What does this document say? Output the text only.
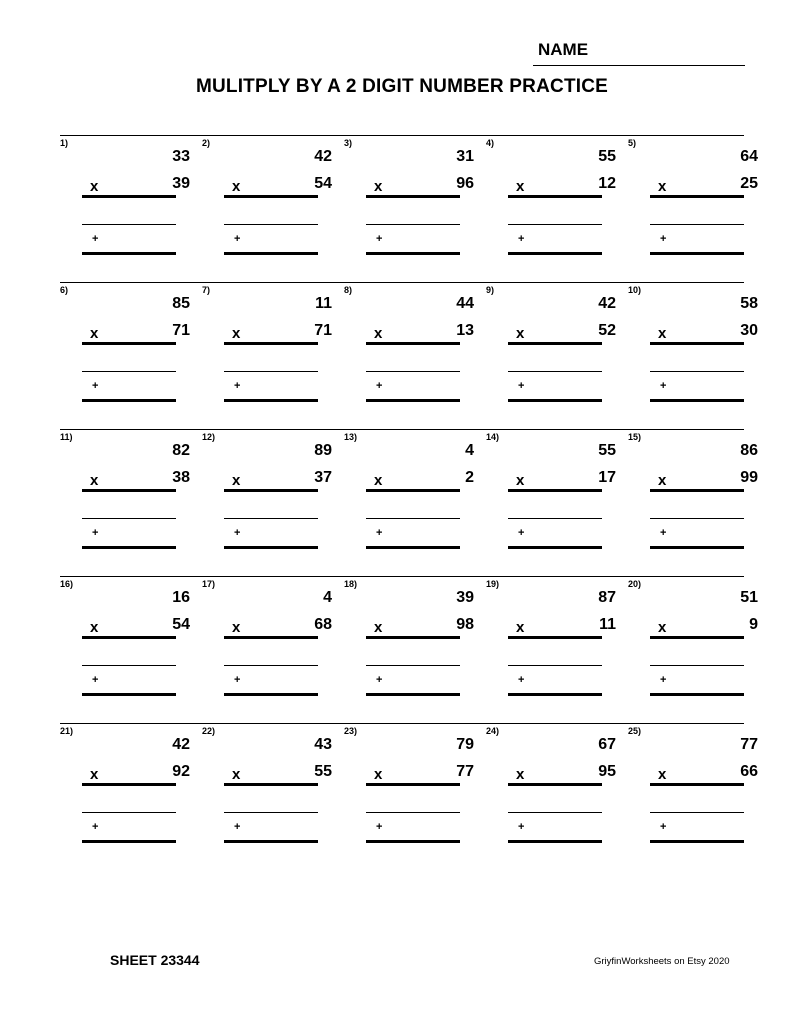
NAME
MULITPLY BY A 2 DIGIT NUMBER PRACTICE
1)
33
x	39
+
2)
42
x	54
+
3)
31
x	96
+
4)
55
x	12
+
5)
64
x	25
+
6)
85
x	71
+
7)
11
x	71
+
8)
44
x	13
+
9)
42
x	52
+
10)
58
x	30
+
11)
82
x	38
+
12)
89
x	37
+
13)
4
x	2
+
14)
55
x	17
+
15)
86
x	99
+
16)
16
x	54
+
17)
4
x	68
+
18)
39
x	98
+
19)
87
x	11
+
20)
51
x	9
+
21)
42
x	92
+
22)
43
x	55
+
23)
79
x	77
+
24)
67
x	95
+
25)
77
x	66
+
SHEET 23344	GriyfinWorksheets on Etsy 2020
